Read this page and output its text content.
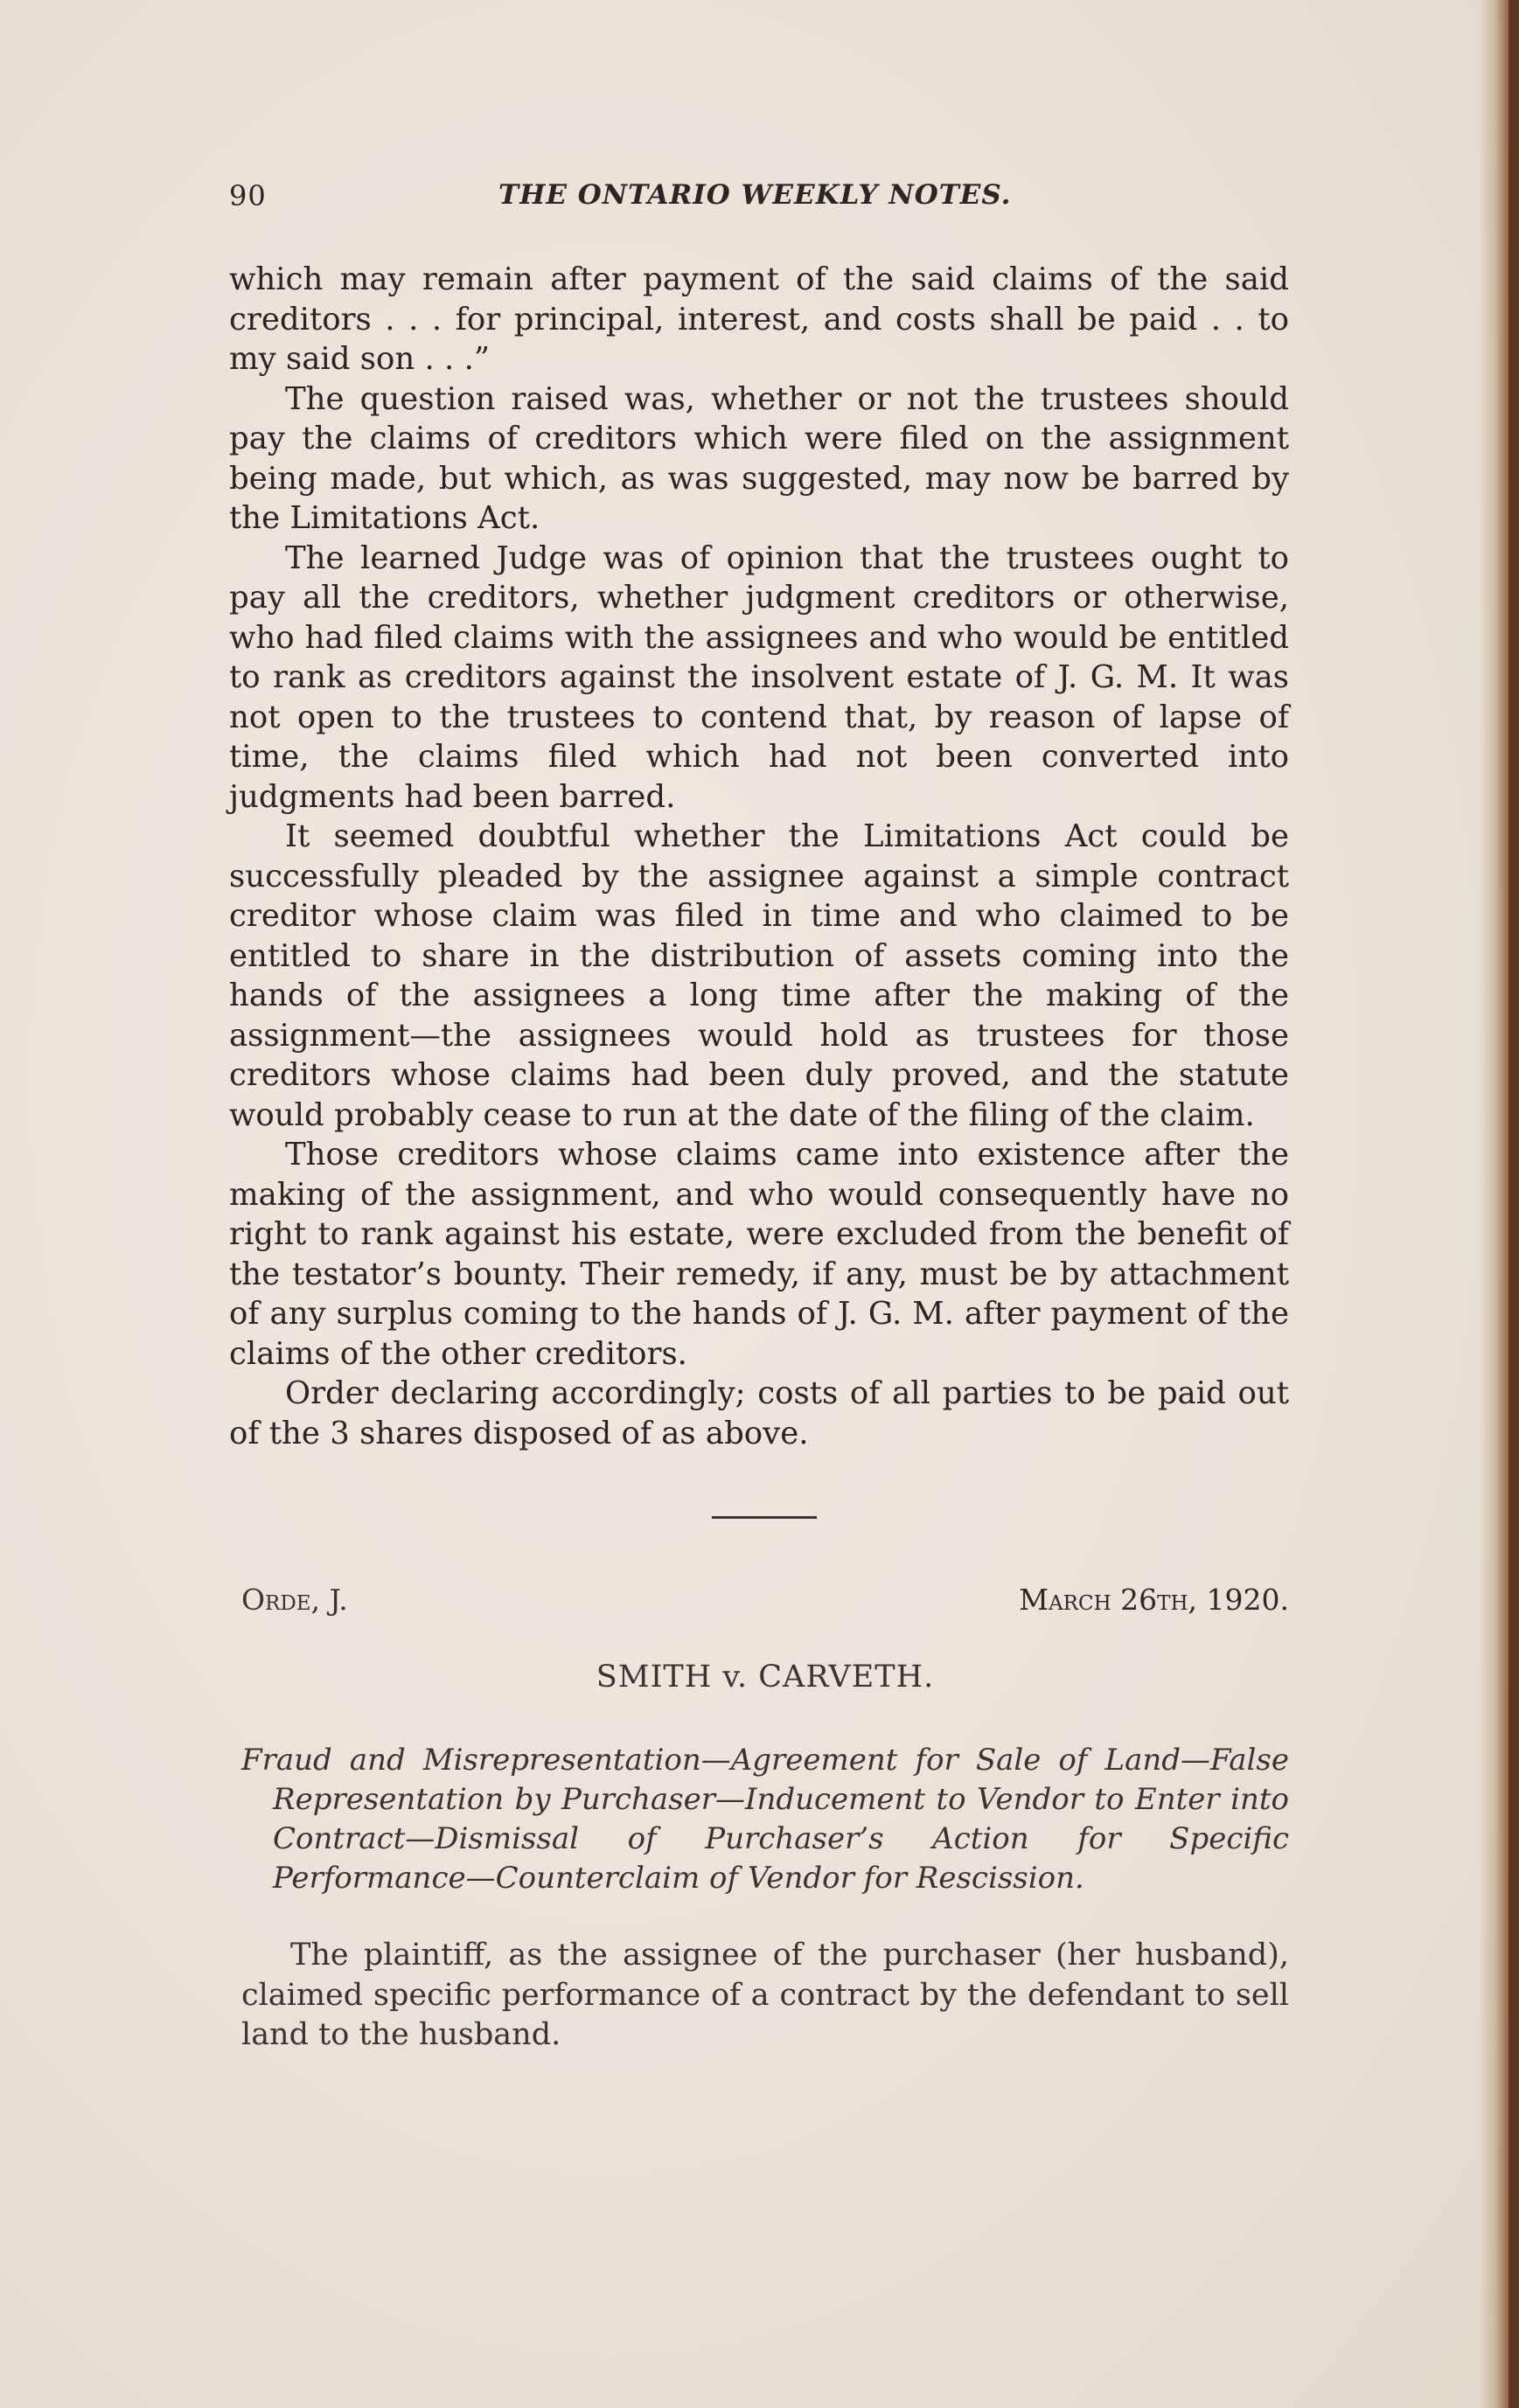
90	THE ONTARIO WEEKLY NOTES.

which may remain after payment of the said claims of the said creditors . . . for principal, interest, and costs shall be paid . . to my said son . . .”

The question raised was, whether or not the trustees should pay the claims of creditors which were filed on the assignment being made, but which, as was suggested, may now be barred by the Limitations Act.

The learned Judge was of opinion that the trustees ought to pay all the creditors, whether judgment creditors or otherwise, who had filed claims with the assignees and who would be entitled to rank as creditors against the insolvent estate of J. G. M. It was not open to the trustees to contend that, by reason of lapse of time, the claims filed which had not been converted into judgments had been barred.

It seemed doubtful whether the Limitations Act could be successfully pleaded by the assignee against a simple contract creditor whose claim was filed in time and who claimed to be entitled to share in the distribution of assets coming into the hands of the assignees a long time after the making of the assignment—the assignees would hold as trustees for those creditors whose claims had been duly proved, and the statute would probably cease to run at the date of the filing of the claim.

Those creditors whose claims came into existence after the making of the assignment, and who would consequently have no right to rank against his estate, were excluded from the benefit of the testator’s bounty. Their remedy, if any, must be by attachment of any surplus coming to the hands of J. G. M. after payment of the claims of the other creditors.

Order declaring accordingly; costs of all parties to be paid out of the 3 shares disposed of as above.

Orde, J.	March 26th, 1920.
SMITH v. CARVETH.
Fraud and Misrepresentation—Agreement for Sale of Land—False Representation by Purchaser—Inducement to Vendor to Enter into Contract—Dismissal of Purchaser’s Action for Specific Performance—Counterclaim of Vendor for Rescission.
The plaintiff, as the assignee of the purchaser (her husband), claimed specific performance of a contract by the defendant to sell land to the husband.
